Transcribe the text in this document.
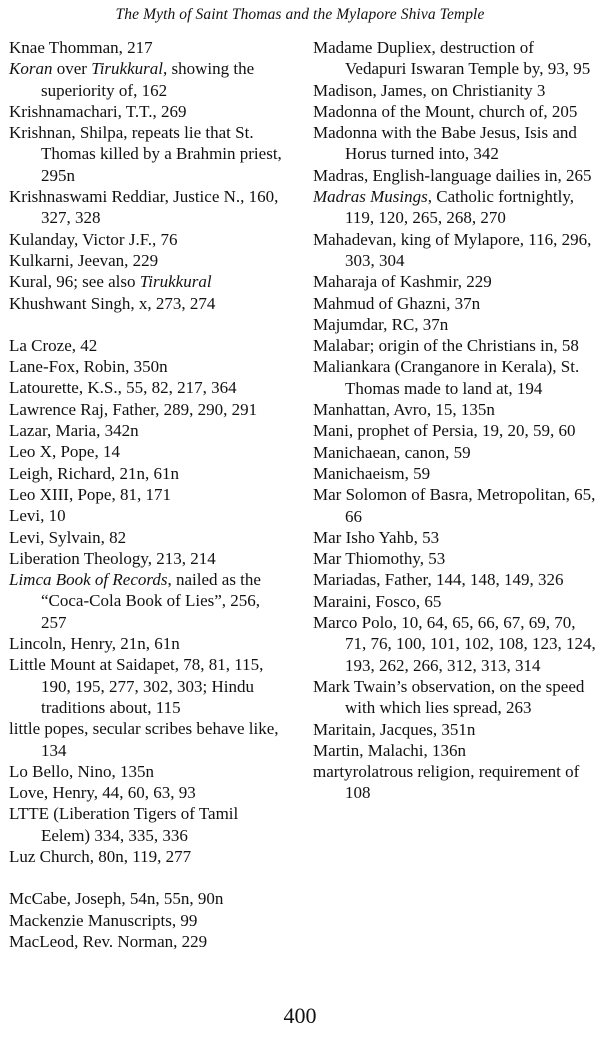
The Myth of Saint Thomas and the Mylapore Shiva Temple
Knae Thomman, 217
Koran over Tirukkural, showing the superiority of, 162
Krishnamachari, T.T., 269
Krishnan, Shilpa, repeats lie that St. Thomas killed by a Brahmin priest, 295n
Krishnaswami Reddiar, Justice N., 160, 327, 328
Kulanday, Victor J.F., 76
Kulkarni, Jeevan, 229
Kural, 96; see also Tirukkural
Khushwant Singh, x, 273, 274
La Croze, 42
Lane-Fox, Robin, 350n
Latourette, K.S., 55, 82, 217, 364
Lawrence Raj, Father, 289, 290, 291
Lazar, Maria, 342n
Leo X, Pope, 14
Leigh, Richard, 21n, 61n
Leo XIII, Pope, 81, 171
Levi, 10
Levi, Sylvain, 82
Liberation Theology, 213, 214
Limca Book of Records, nailed as the “Coca-Cola Book of Lies”, 256, 257
Lincoln, Henry, 21n, 61n
Little Mount at Saidapet, 78, 81, 115, 190, 195, 277, 302, 303; Hindu traditions about, 115
little popes, secular scribes behave like, 134
Lo Bello, Nino, 135n
Love, Henry, 44, 60, 63, 93
LTTE (Liberation Tigers of Tamil Eelem) 334, 335, 336
Luz Church, 80n, 119, 277
McCabe, Joseph, 54n, 55n, 90n
Mackenzie Manuscripts, 99
MacLeod, Rev. Norman, 229
Madame Dupliex, destruction of Vedapuri Iswaran Temple by, 93, 95
Madison, James, on Christianity 3
Madonna of the Mount, church of, 205
Madonna with the Babe Jesus, Isis and Horus turned into, 342
Madras, English-language dailies in, 265
Madras Musings, Catholic fortnightly, 119, 120, 265, 268, 270
Mahadevan, king of Mylapore, 116, 296, 303, 304
Maharaja of Kashmir, 229
Mahmud of Ghazni, 37n
Majumdar, RC, 37n
Malabar; origin of the Christians in, 58
Maliankara (Cranganore in Kerala), St. Thomas made to land at, 194
Manhattan, Avro, 15, 135n
Mani, prophet of Persia, 19, 20, 59, 60
Manichaean, canon, 59
Manichaeism, 59
Mar Solomon of Basra, Metropolitan, 65, 66
Mar Isho Yahb, 53
Mar Thiomothy, 53
Mariadas, Father, 144, 148, 149, 326
Maraini, Fosco, 65
Marco Polo, 10, 64, 65, 66, 67, 69, 70, 71, 76, 100, 101, 102, 108, 123, 124, 193, 262, 266, 312, 313, 314
Mark Twain’s observation, on the speed with which lies spread, 263
Maritain, Jacques, 351n
Martin, Malachi, 136n
martyrolatrous religion, requirement of 108
400
